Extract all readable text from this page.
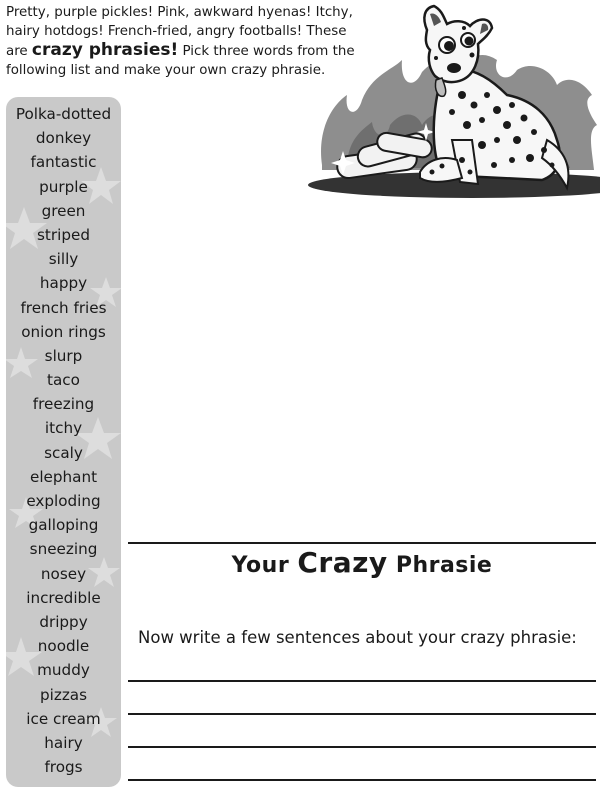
Pretty, purple pickles! Pink, awkward hyenas! Itchy,
hairy hotdogs! French-fried, angry footballs! These
are crazy phrasies! Pick three words from the
following list and make your own crazy phrasie.
Polka-dotted
donkey
fantastic
purple
green
striped
silly
happy
french fries
onion rings
slurp
taco
freezing
itchy
scaly
elephant
exploding
galloping
sneezing
nosey
incredible
drippy
noodle
muddy
pizzas
ice cream
hairy
frogs
Your Crazy Phrasie
Now write a few sentences about your crazy phrasie:
